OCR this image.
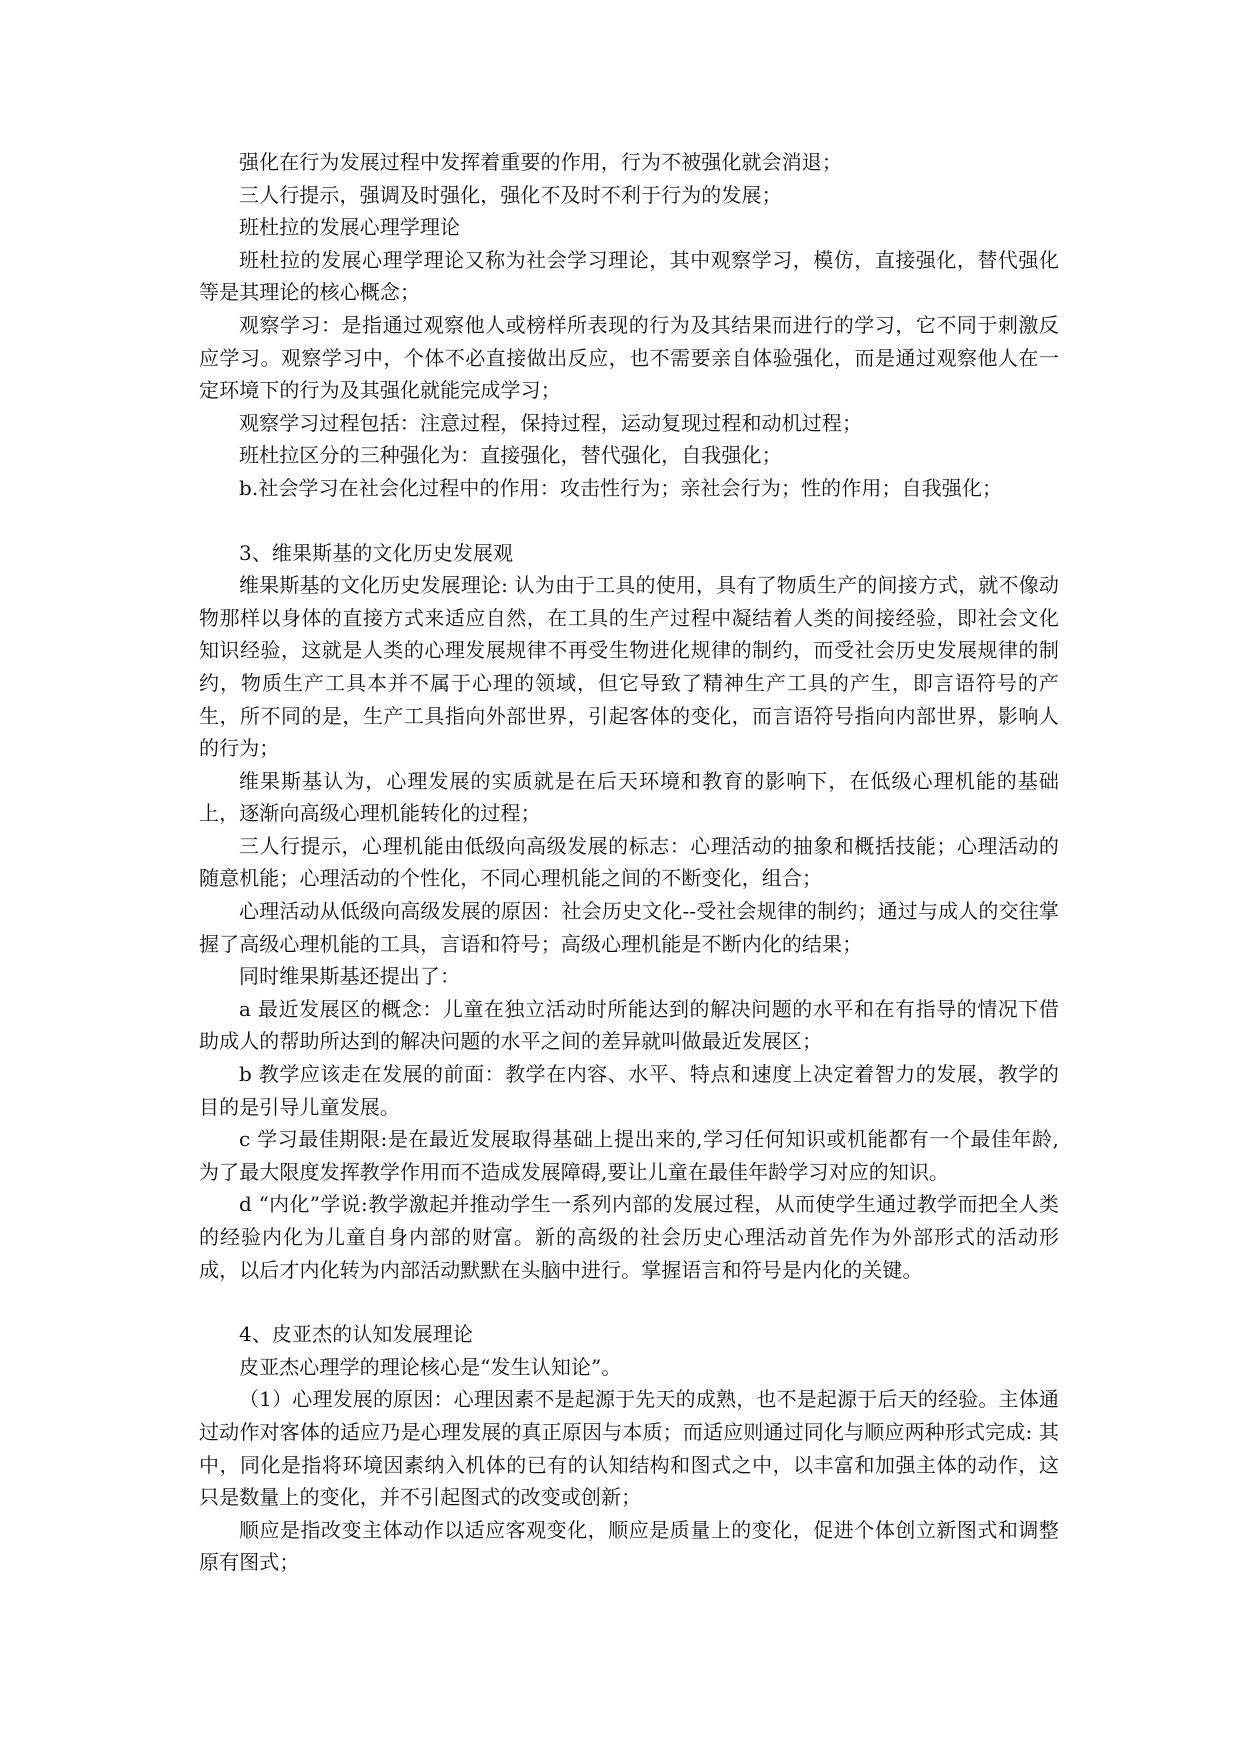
强化在行为发展过程中发挥着重要的作用，行为不被强化就会消退；

三人行提示，强调及时强化，强化不及时不利于行为的发展；

班杜拉的发展心理学理论

班杜拉的发展心理学理论又称为社会学习理论，其中观察学习，模仿，直接强化，替代强化等是其理论的核心概念；

观察学习：是指通过观察他人或榜样所表现的行为及其结果而进行的学习，它不同于刺激反应学习。观察学习中，个体不必直接做出反应，也不需要亲自体验强化，而是通过观察他人在一定环境下的行为及其强化就能完成学习；

观察学习过程包括：注意过程，保持过程，运动复现过程和动机过程；

班杜拉区分的三种强化为：直接强化，替代强化，自我强化；

b.社会学习在社会化过程中的作用：攻击性行为；亲社会行为；性的作用；自我强化；

3、维果斯基的文化历史发展观

维果斯基的文化历史发展理论: 认为由于工具的使用，具有了物质生产的间接方式，就不像动物那样以身体的直接方式来适应自然，在工具的生产过程中凝结着人类的间接经验，即社会文化知识经验，这就是人类的心理发展规律不再受生物进化规律的制约，而受社会历史发展规律的制约，物质生产工具本并不属于心理的领域，但它导致了精神生产工具的产生，即言语符号的产生，所不同的是，生产工具指向外部世界，引起客体的变化，而言语符号指向内部世界，影响人的行为；

维果斯基认为，心理发展的实质就是在后天环境和教育的影响下，在低级心理机能的基础上，逐渐向高级心理机能转化的过程；

三人行提示，心理机能由低级向高级发展的标志：心理活动的抽象和概括技能；心理活动的随意机能；心理活动的个性化，不同心理机能之间的不断变化，组合；

心理活动从低级向高级发展的原因：社会历史文化--受社会规律的制约；通过与成人的交往掌握了高级心理机能的工具，言语和符号；高级心理机能是不断内化的结果；

同时维果斯基还提出了：

a 最近发展区的概念：儿童在独立活动时所能达到的解决问题的水平和在有指导的情况下借助成人的帮助所达到的解决问题的水平之间的差异就叫做最近发展区；

b 教学应该走在发展的前面：教学在内容、水平、特点和速度上决定着智力的发展，教学的目的是引导儿童发展。

c 学习最佳期限:是在最近发展取得基础上提出来的,学习任何知识或机能都有一个最佳年龄,为了最大限度发挥教学作用而不造成发展障碍,要让儿童在最佳年龄学习对应的知识。

d “内化”学说:教学激起并推动学生一系列内部的发展过程，从而使学生通过教学而把全人类的经验内化为儿童自身内部的财富。新的高级的社会历史心理活动首先作为外部形式的活动形成，以后才内化转为内部活动默默在头脑中进行。掌握语言和符号是内化的关键。

4、皮亚杰的认知发展理论

皮亚杰心理学的理论核心是“发生认知论”。

（1）心理发展的原因：心理因素不是起源于先天的成熟，也不是起源于后天的经验。主体通过动作对客体的适应乃是心理发展的真正原因与本质；而适应则通过同化与顺应两种形式完成: 其中，同化是指将环境因素纳入机体的已有的认知结构和图式之中，以丰富和加强主体的动作，这只是数量上的变化，并不引起图式的改变或创新；

顺应是指改变主体动作以适应客观变化，顺应是质量上的变化，促进个体创立新图式和调整原有图式；
